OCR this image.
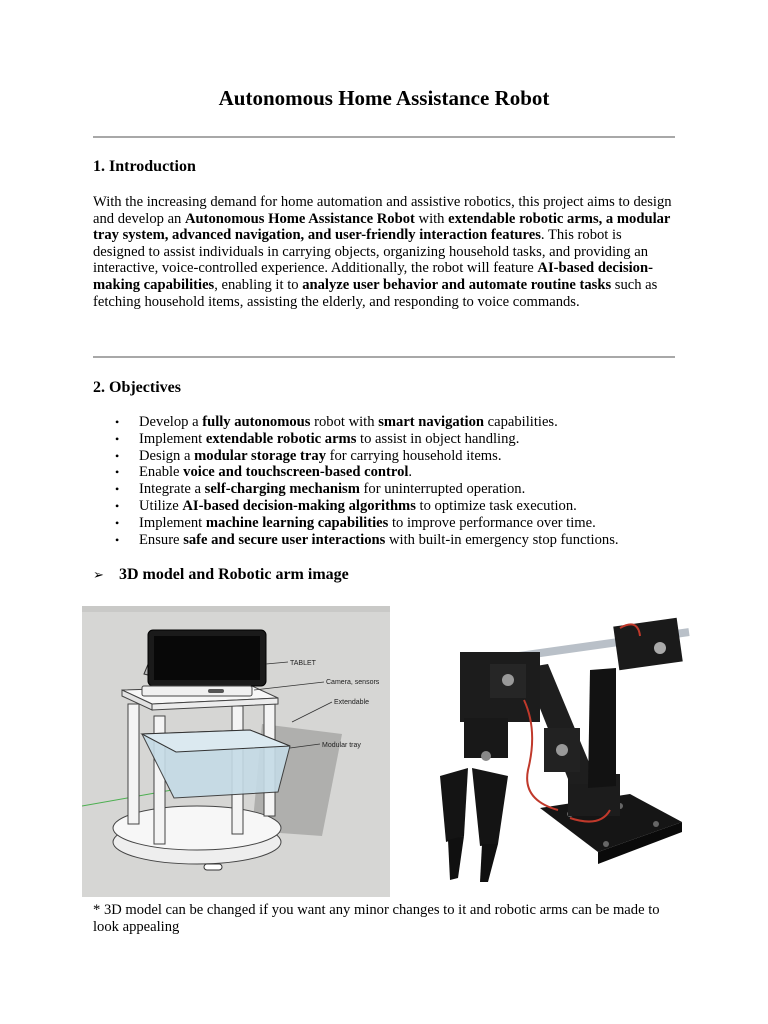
Autonomous Home Assistance Robot
1. Introduction

With the increasing demand for home automation and assistive robotics, this project aims to design and develop an Autonomous Home Assistance Robot with extendable robotic arms, a modular tray system, advanced navigation, and user-friendly interaction features. This robot is designed to assist individuals in carrying objects, organizing household tasks, and providing an interactive, voice-controlled experience. Additionally, the robot will feature AI-based decision-making capabilities, enabling it to analyze user behavior and automate routine tasks such as fetching household items, assisting the elderly, and responding to voice commands.

2. Objectives
• Develop a fully autonomous robot with smart navigation capabilities.
• Implement extendable robotic arms to assist in object handling.
• Design a modular storage tray for carrying household items.
• Enable voice and touchscreen-based control.
• Integrate a self-charging mechanism for uninterrupted operation.
• Utilize AI-based decision-making algorithms to optimize task execution.
• Implement machine learning capabilities to improve performance over time.
• Ensure safe and secure user interactions with built-in emergency stop functions.
➢ 3D model and Robotic arm image
TABLET
Camera, sensors
Extendable
Modular tray

* 3D model can be changed if you want any minor changes to it and robotic arms can be made to look appealing
